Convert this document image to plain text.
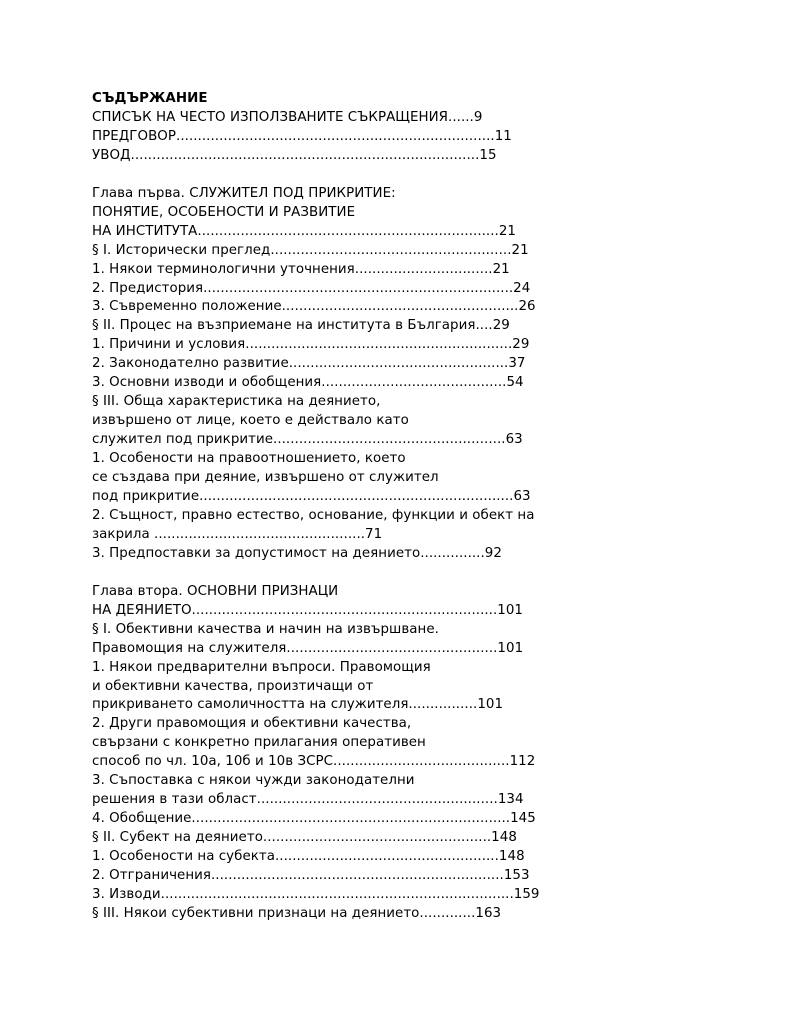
СЪДЪРЖАНИЕ

СПИСЪК НА ЧЕСТО ИЗПОЛЗВАНИТЕ СЪКРАЩЕНИЯ......9

ПРЕДГОВОР..........................................................................11

УВОД.................................................................................15

Глава първа. СЛУЖИТЕЛ ПОД ПРИКРИТИЕ:

ПОНЯТИЕ, ОСОБЕНОСТИ И РАЗВИТИЕ

НА ИНСТИТУТА......................................................................21

§ I. Исторически преглед........................................................21

1. Някои терминологични уточнения................................21

2. Предистория........................................................................24

3. Съвременно положение.......................................................26

§ II. Процес на възприемане на института в България....29

1. Причини и условия..............................................................29

2. Законодателно развитие...................................................37

3. Основни изводи и обобщения...........................................54

§ III. Обща характеристика на деянието,

извършено от лице, което е действало като

служител под прикритие......................................................63

1. Особености на правоотношението, което

се създава при деяние, извършено от служител

под прикритие.........................................................................63

2. Същност, правно естество, основание, функции и обект на

закрила .................................................71

3. Предпоставки за допустимост на деянието...............92

Глава втора. ОСНОВНИ ПРИЗНАЦИ

НА ДЕЯНИЕТО.......................................................................101

§ I. Обективни качества и начин на извършване.

Правомощия на служителя.................................................101

1. Някои предварителни въпроси. Правомощия

и обективни качества, произтичащи от

прикриването самоличността на служителя................101

2. Други правомощия и обективни качества,

свързани с конкретно прилагания оперативен

способ по чл. 10а, 10б и 10в ЗСРС.........................................112

3. Съпоставка с някои чужди законодателни

решения в тази област........................................................134

4. Обобщение..........................................................................145

§ II. Субект на деянието.....................................................148

1. Особености на субекта....................................................148

2. Отграничения....................................................................153

3. Изводи..................................................................................159

§ III. Някои субективни признаци на деянието.............163
